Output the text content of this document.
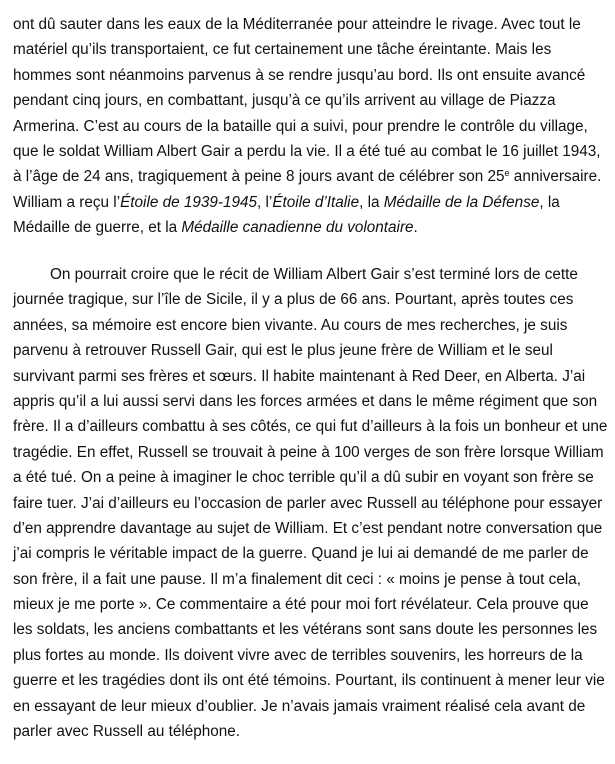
ont dû sauter dans les eaux de la Méditerranée pour atteindre le rivage. Avec tout le
matériel qu’ils transportaient, ce fut certainement une tâche éreintante. Mais les
hommes sont néanmoins parvenus à se rendre jusqu’au bord. Ils ont ensuite avancé
pendant cinq jours, en combattant, jusqu’à ce qu’ils arrivent au village de Piazza
Armerina. C’est au cours de la bataille qui a suivi, pour prendre le contrôle du village,
que le soldat William Albert Gair a perdu la vie. Il a été tué au combat le 16 juillet 1943,
à l’âge de 24 ans, tragiquement à peine 8 jours avant de célébrer son 25e anniversaire.
William a reçu l’Étoile de 1939-1945, l’Étoile d’Italie, la Médaille de la Défense, la
Médaille de guerre, et la Médaille canadienne du volontaire.
On pourrait croire que le récit de William Albert Gair s’est terminé lors de cette
journée tragique, sur l’île de Sicile, il y a plus de 66 ans. Pourtant, après toutes ces
années, sa mémoire est encore bien vivante. Au cours de mes recherches, je suis
parvenu à retrouver Russell Gair, qui est le plus jeune frère de William et le seul
survivant parmi ses frères et sœurs. Il habite maintenant à Red Deer, en Alberta. J’ai
appris qu’il a lui aussi servi dans les forces armées et dans le même régiment que son
frère. Il a d’ailleurs combattu à ses côtés, ce qui fut d’ailleurs à la fois un bonheur et une
tragédie. En effet, Russell se trouvait à peine à 100 verges de son frère lorsque William
a été tué. On a peine à imaginer le choc terrible qu’il a dû subir en voyant son frère se
faire tuer. J’ai d’ailleurs eu l’occasion de parler avec Russell au téléphone pour essayer
d’en apprendre davantage au sujet de William. Et c’est pendant notre conversation que
j’ai compris le véritable impact de la guerre. Quand je lui ai demandé de me parler de
son frère, il a fait une pause. Il m’a finalement dit ceci : « moins je pense à tout cela,
mieux je me porte ». Ce commentaire a été pour moi fort révélateur. Cela prouve que
les soldats, les anciens combattants et les vétérans sont sans doute les personnes les
plus fortes au monde. Ils doivent vivre avec de terribles souvenirs, les horreurs de la
guerre et les tragédies dont ils ont été témoins. Pourtant, ils continuent à mener leur vie
en essayant de leur mieux d’oublier. Je n’avais jamais vraiment réalisé cela avant de
parler avec Russell au téléphone.
